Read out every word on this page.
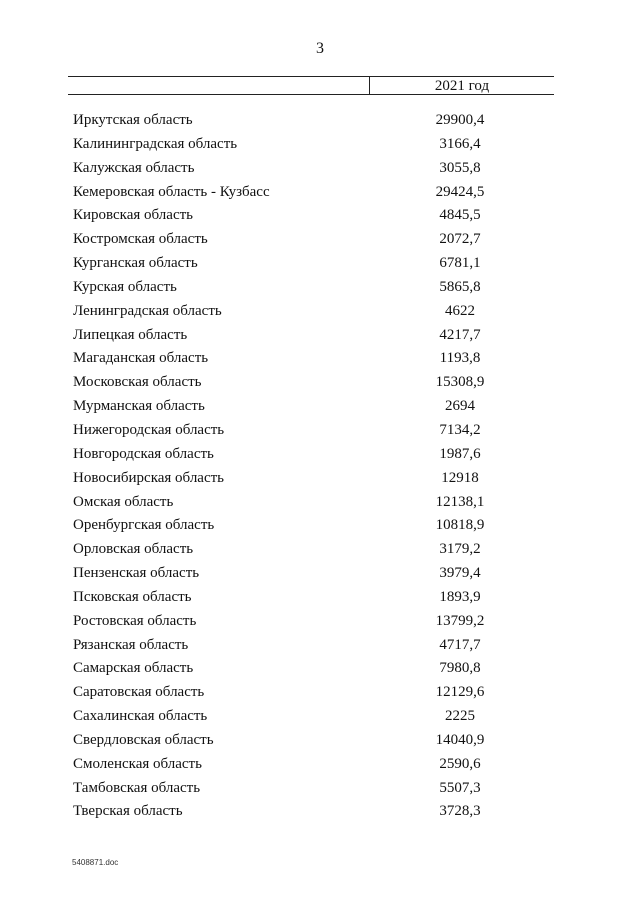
3
2021 год
Иркутская область	29900,4
Калининградская область	3166,4
Калужская область	3055,8
Кемеровская область - Кузбасс	29424,5
Кировская область	4845,5
Костромская область	2072,7
Курганская область	6781,1
Курская область	5865,8
Ленинградская область	4622
Липецкая область	4217,7
Магаданская область	1193,8
Московская область	15308,9
Мурманская область	2694
Нижегородская область	7134,2
Новгородская область	1987,6
Новосибирская область	12918
Омская область	12138,1
Оренбургская область	10818,9
Орловская область	3179,2
Пензенская область	3979,4
Псковская область	1893,9
Ростовская область	13799,2
Рязанская область	4717,7
Самарская область	7980,8
Саратовская область	12129,6
Сахалинская область	2225
Свердловская область	14040,9
Смоленская область	2590,6
Тамбовская область	5507,3
Тверская область	3728,3
5408871.doc
